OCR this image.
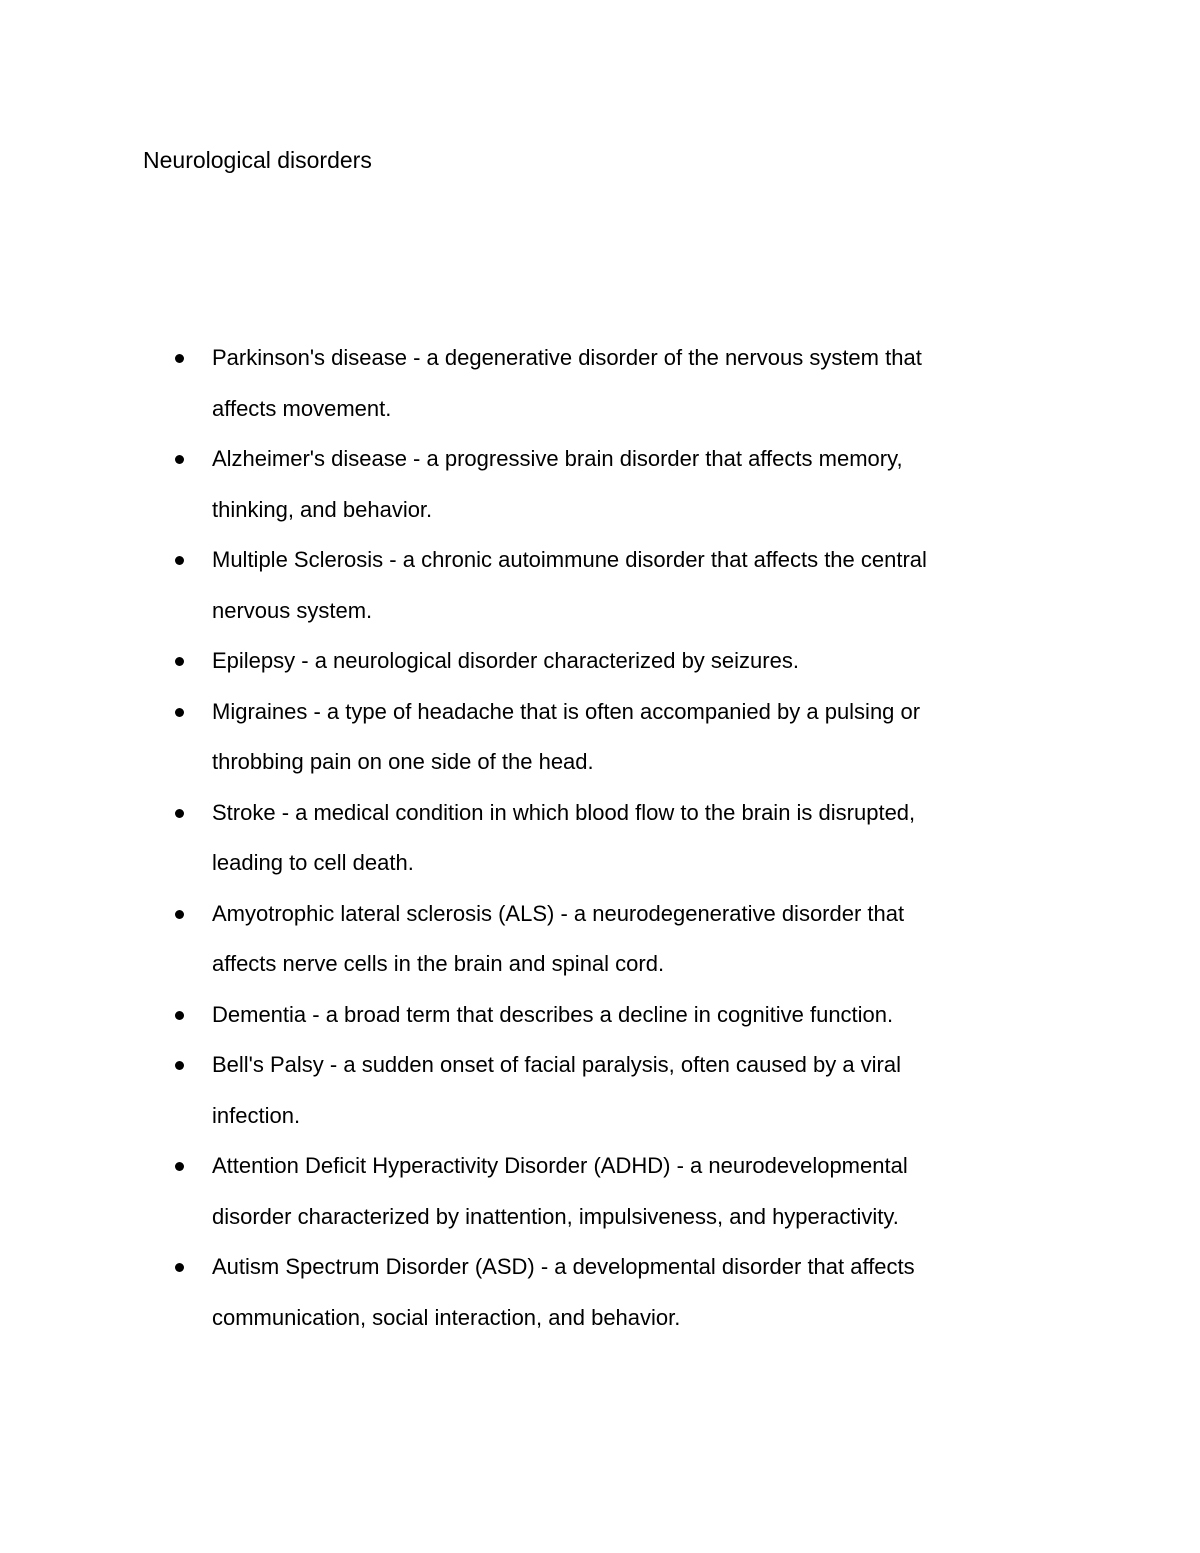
Neurological disorders
Parkinson's disease - a degenerative disorder of the nervous system that
affects movement.
Alzheimer's disease - a progressive brain disorder that affects memory,
thinking, and behavior.
Multiple Sclerosis - a chronic autoimmune disorder that affects the central
nervous system.
Epilepsy - a neurological disorder characterized by seizures.
Migraines - a type of headache that is often accompanied by a pulsing or
throbbing pain on one side of the head.
Stroke - a medical condition in which blood flow to the brain is disrupted,
leading to cell death.
Amyotrophic lateral sclerosis (ALS) - a neurodegenerative disorder that
affects nerve cells in the brain and spinal cord.
Dementia - a broad term that describes a decline in cognitive function.
Bell's Palsy - a sudden onset of facial paralysis, often caused by a viral
infection.
Attention Deficit Hyperactivity Disorder (ADHD) - a neurodevelopmental
disorder characterized by inattention, impulsiveness, and hyperactivity.
Autism Spectrum Disorder (ASD) - a developmental disorder that affects
communication, social interaction, and behavior.
